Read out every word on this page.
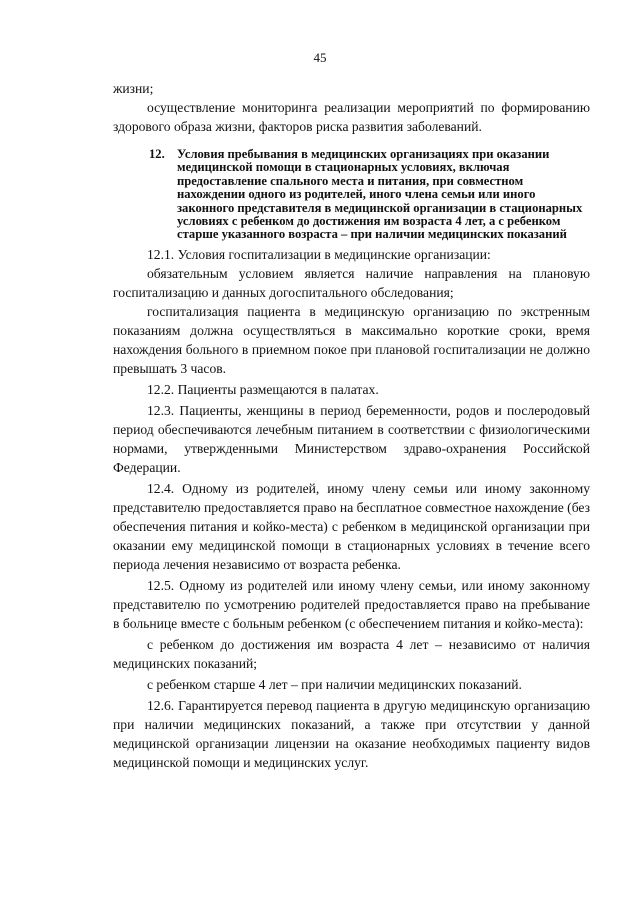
45

жизни;

осуществление мониторинга реализации мероприятий по формированию здорового образа жизни, факторов риска развития заболеваний.

12. Условия пребывания в медицинских организациях при оказании медицинской помощи в стационарных условиях, включая предоставление спального места и питания, при совместном нахождении одного из родителей, иного члена семьи или иного законного представителя в медицинской организации в стационарных условиях с ребенком до достижения им возраста 4 лет, а с ребенком старше указанного возраста – при наличии медицинских показаний

12.1. Условия госпитализации в медицинские организации:

обязательным условием является наличие направления на плановую госпитализацию и данных догоспитального обследования;

госпитализация пациента в медицинскую организацию по экстренным показаниям должна осуществляться в максимально короткие сроки, время нахождения больного в приемном покое при плановой госпитализации не должно превышать 3 часов.

12.2. Пациенты размещаются в палатах.

12.3. Пациенты, женщины в период беременности, родов и послеродовый период обеспечиваются лечебным питанием в соответствии с физиологическими нормами, утвержденными Министерством здраво-охранения Российской Федерации.

12.4. Одному из родителей, иному члену семьи или иному законному представителю предоставляется право на бесплатное совместное нахождение (без обеспечения питания и койко-места) с ребенком в медицинской организации при оказании ему медицинской помощи в стационарных условиях в течение всего периода лечения независимо от возраста ребенка.

12.5. Одному из родителей или иному члену семьи, или иному законному представителю по усмотрению родителей предоставляется право на пребывание в больнице вместе с больным ребенком (с обеспечением питания и койко-места):

с ребенком до достижения им возраста 4 лет – независимо от наличия медицинских показаний;

с ребенком старше 4 лет – при наличии медицинских показаний.

12.6. Гарантируется перевод пациента в другую медицинскую организацию при наличии медицинских показаний, а также при отсутствии у данной медицинской организации лицензии на оказание необходимых пациенту видов медицинской помощи и медицинских услуг.
